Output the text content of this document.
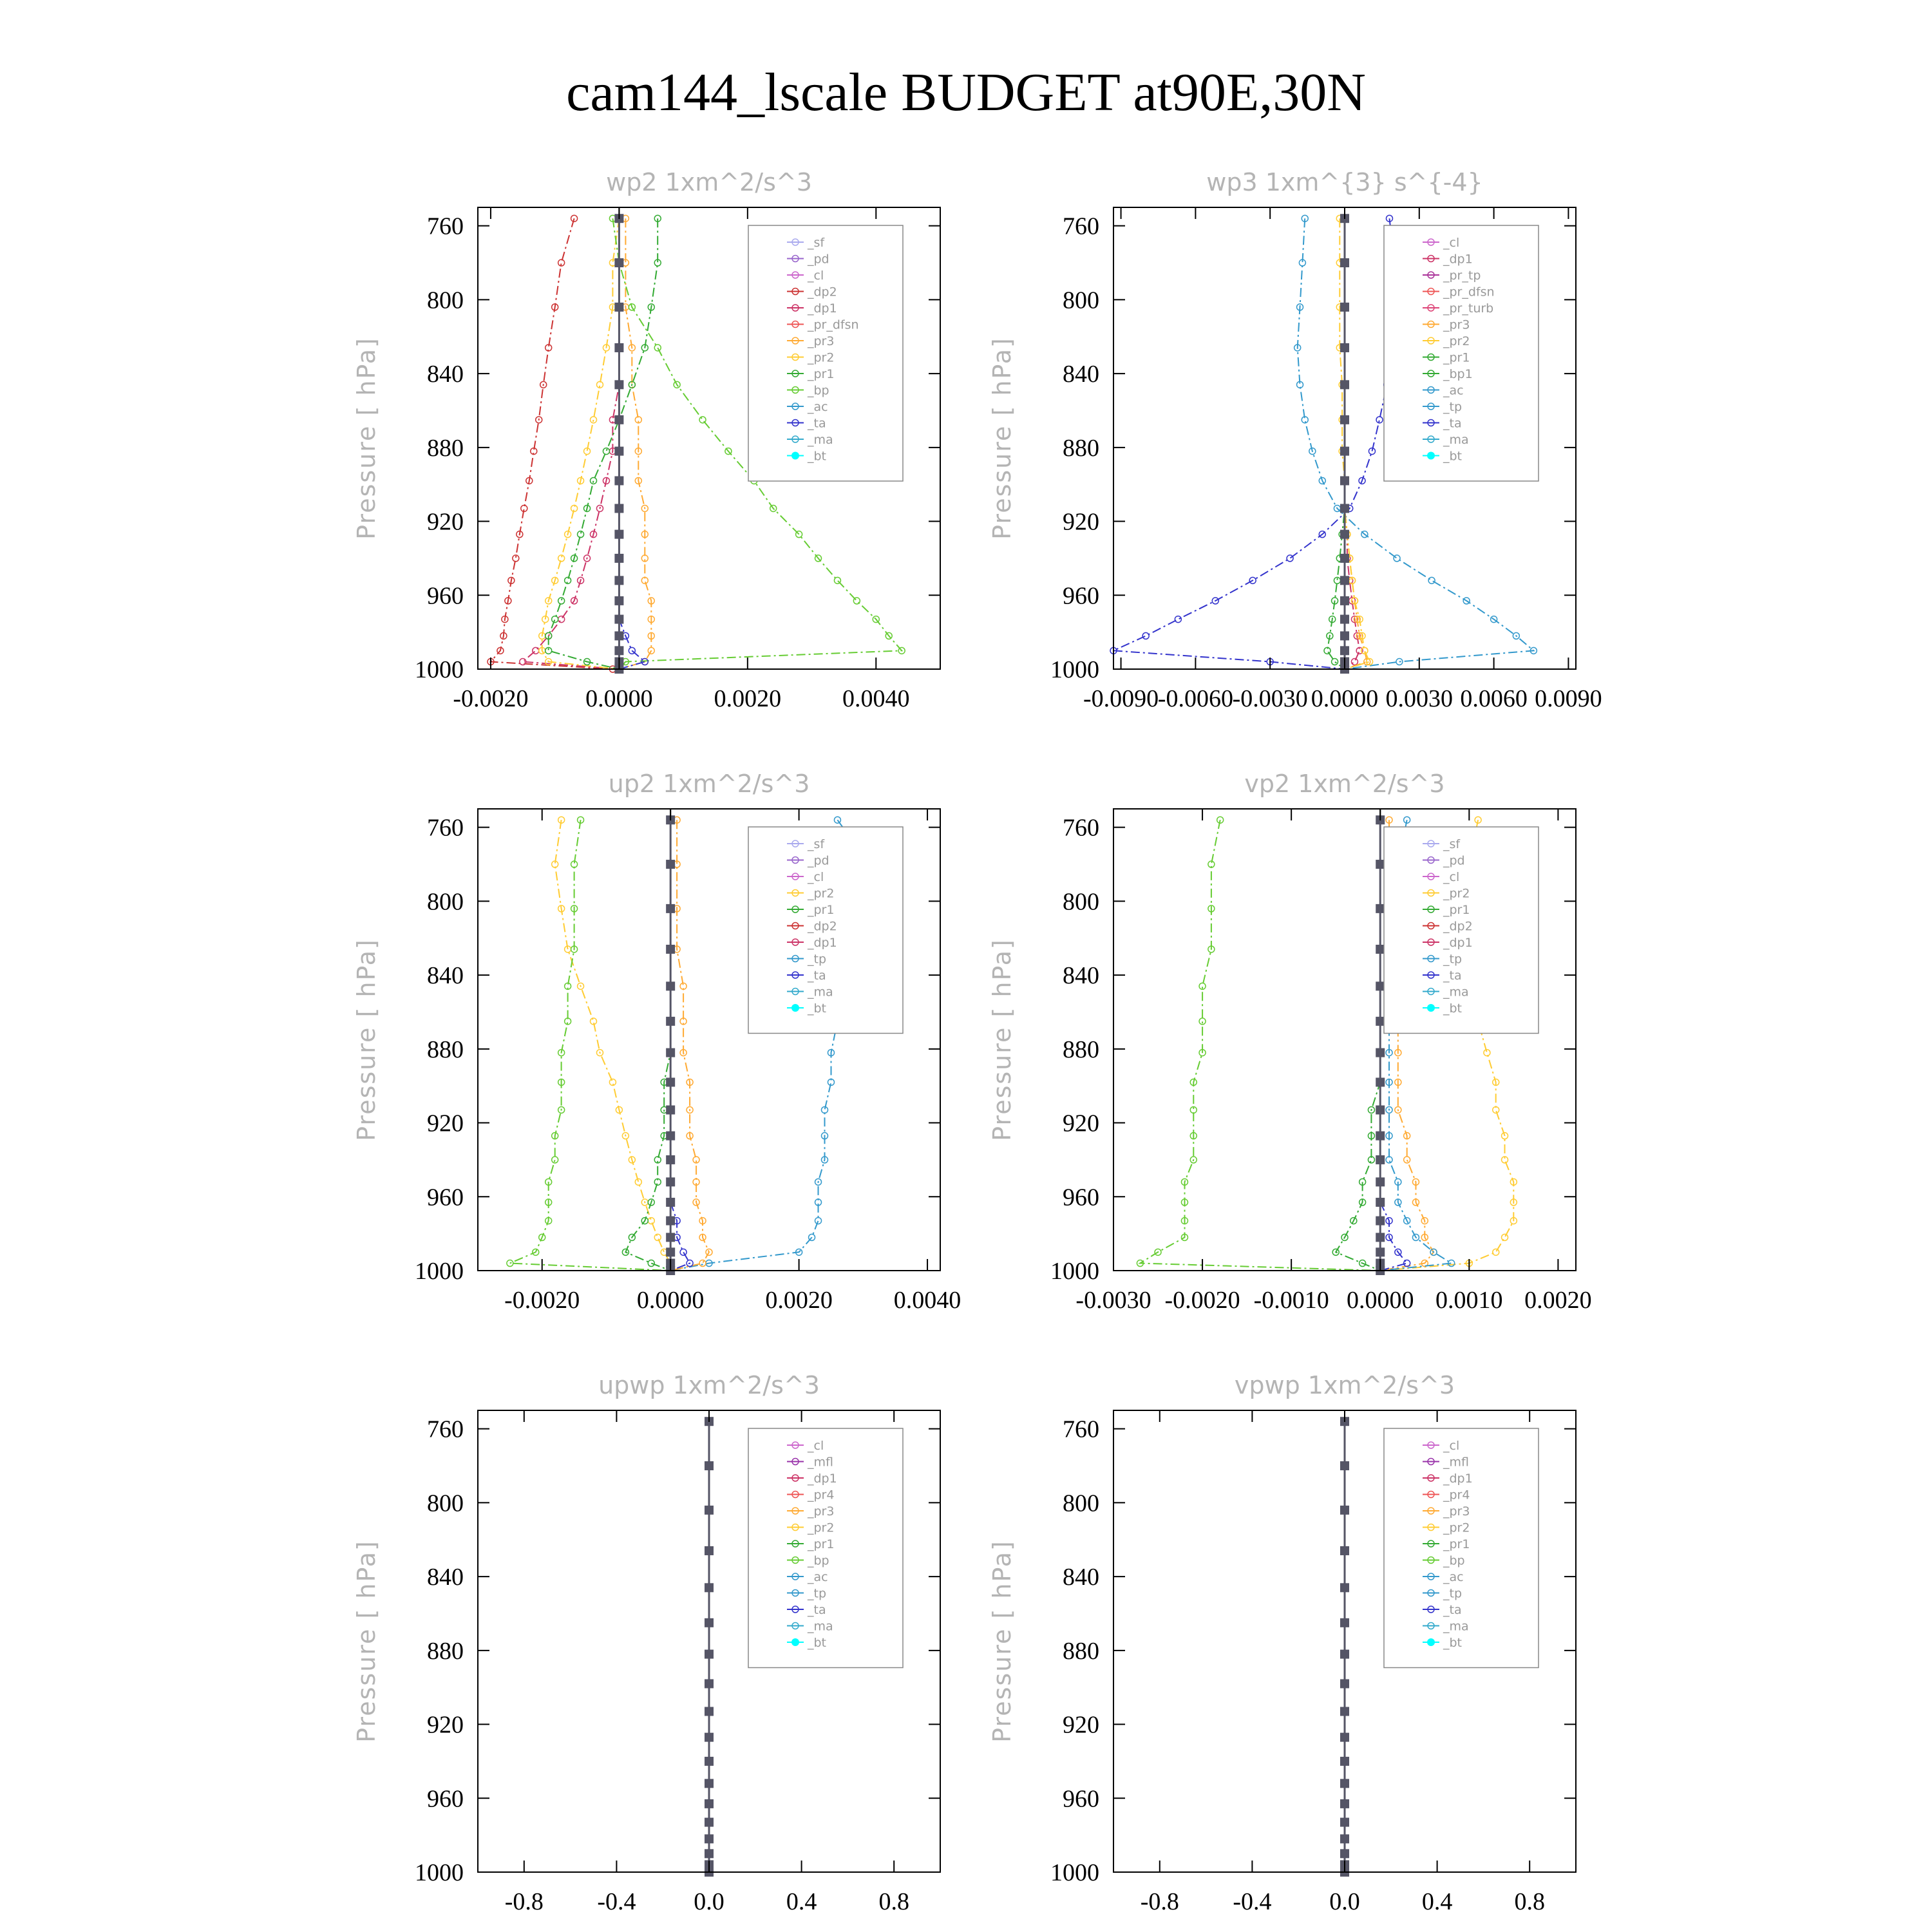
cam144_lscale BUDGET at90E,30N
wp2 1xm^2/s^3
Pressure [ hPa]
760
800
840
880
920
960
1000
-0.0020 0.0000 0.0020 0.0040
_sf
_pd
_cl
_dp2
_dp1
_pr_dfsn
_pr3
_pr2
_pr1
_bp
_ac
_ta
_ma
_bt
wp3 1xm^{3} s^{-4}
Pressure [ hPa]
760
800
840
880
920
960
1000
-0.0090
-0.0060
-0.0030 0.0000 0.0030 0.0060 0.0090
_cl
_dp1
_pr_tp
_pr_dfsn
_pr_turb
_pr3
_pr2
_pr1
_bp1
_ac
_tp
_ta
_ma
_bt
up2 1xm^2/s^3
Pressure [ hPa]
760
800
840
880
920
960
1000
-0.0020 0.0000 0.0020 0.0040
_sf
_pd
_cl
_pr2
_pr1
_dp2
_dp1
_tp
_ta
_ma
_bt
vp2 1xm^2/s^3
Pressure [ hPa]
760
800
840
880
920
960
1000
-0.0030 -0.0020 -0.0010 0.0000 0.0010 0.0020
_sf
_pd
_cl
_pr2
_pr1
_dp2
_dp1
_tp
_ta
_ma
_bt
upwp 1xm^2/s^3
Pressure [ hPa]
760
800
840
880
920
960
1000
-0.8 -0.4 0.0	0.4	0.8
_cl
_mfl
_dp1
_pr4
_pr3
_pr2
_pr1
_bp
_ac
_tp
_ta
_ma
_bt
vpwp 1xm^2/s^3
Pressure [ hPa]
760
800
840
880
920
960
1000
-0.8 -0.4 0.0	0.4	0.8
_cl
_mfl
_dp1
_pr4
_pr3
_pr2
_pr1
_bp
_ac
_tp
_ta
_ma
_bt
